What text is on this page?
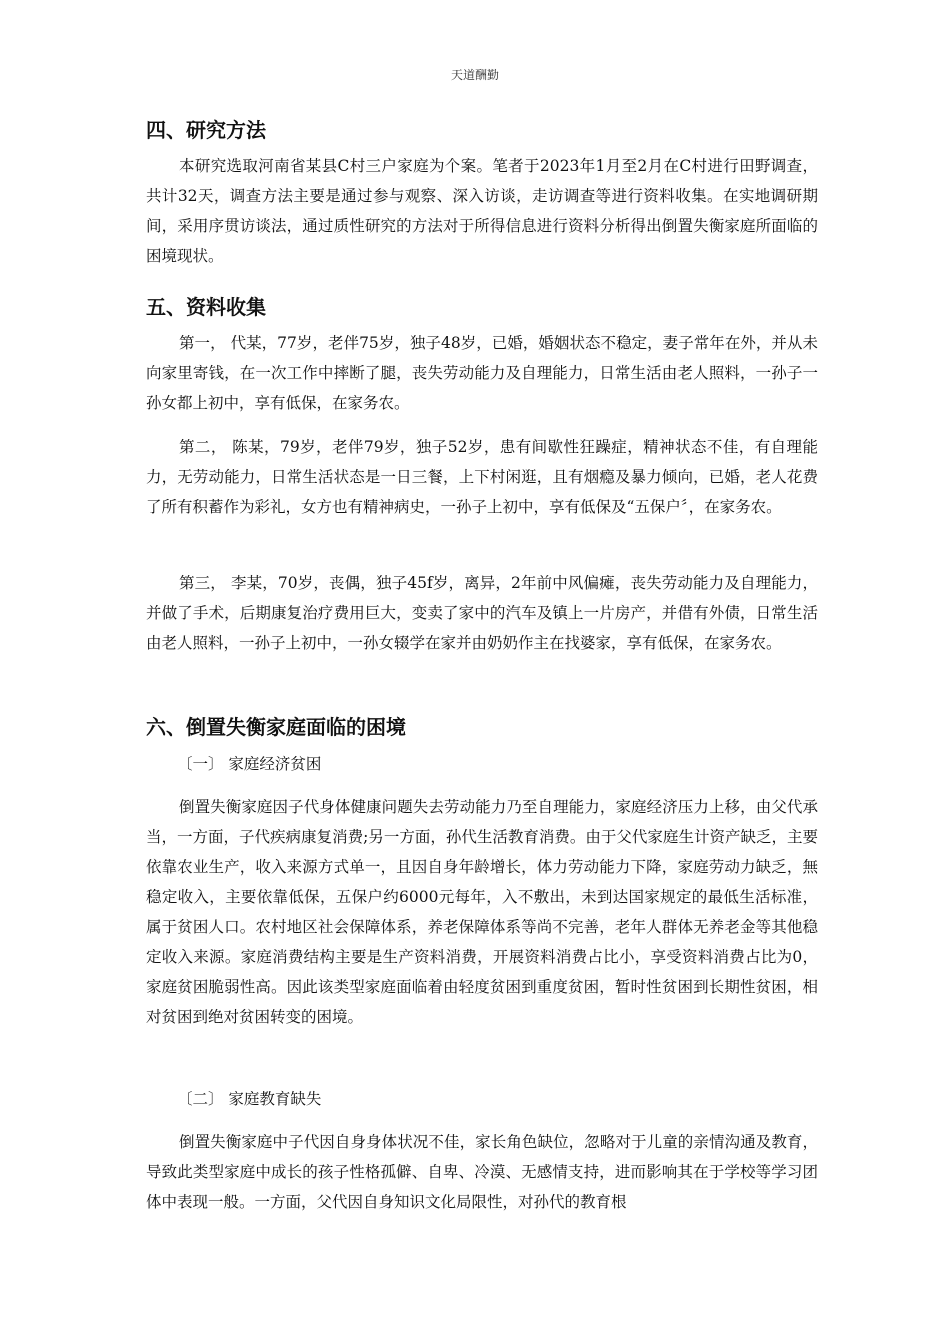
天道酬勤
四、研究方法

本研究选取河南省某县C村三户家庭为个案。笔者于2023年1月至2月在C村进行田野调查，共计32天，调查方法主要是通过参与观察、深入访谈，走访调查等进行资料收集。在实地调研期间，采用序贯访谈法，通过质性研究的方法对于所得信息进行资料分析得出倒置失衡家庭所面临的困境现状。

五、资料收集

第一， 代某，77岁，老伴75岁，独子48岁，已婚，婚姻状态不稳定，妻子常年在外，并从未向家里寄钱，在一次工作中摔断了腿，丧失劳动能力及自理能力，日常生活由老人照料，一孙子一孙女都上初中，享有低保，在家务农。

第二， 陈某，79岁，老伴79岁，独子52岁，患有间歇性狂躁症，精神状态不佳，有自理能力，无劳动能力，日常生活状态是一日三餐，上下村闲逛，且有烟瘾及暴力倾向，已婚，老人花费了所有积蓄作为彩礼，女方也有精神病史，一孙子上初中，享有低保及“五保户〞，在家务农。

第三， 李某，70岁，丧偶，独子45f岁，离异，2年前中风偏瘫，丧失劳动能力及自理能力，并做了手术，后期康复治疗费用巨大，变卖了家中的汽车及镇上一片房产，并借有外债，日常生活由老人照料，一孙子上初中，一孙女辍学在家并由奶奶作主在找婆家，享有低保，在家务农。

六、倒置失衡家庭面临的困境

〔一〕 家庭经济贫困

倒置失衡家庭因子代身体健康问题失去劳动能力乃至自理能力，家庭经济压力上移，由父代承当，一方面，子代疾病康复消费;另一方面，孙代生活教育消费。由于父代家庭生计资产缺乏，主要依靠农业生产，收入来源方式单一，且因自身年龄增长，体力劳动能力下降，家庭劳动力缺乏，無稳定收入，主要依靠低保，五保户约6000元每年，入不敷出，未到达国家规定的最低生活标准，属于贫困人口。农村地区社会保障体系，养老保障体系等尚不完善，老年人群体无养老金等其他稳定收入来源。家庭消费结构主要是生产资料消费，开展资料消费占比小，享受资料消费占比为0，家庭贫困脆弱性高。因此该类型家庭面临着由轻度贫困到重度贫困，暂时性贫困到长期性贫困，相对贫困到绝对贫困转变的困境。

〔二〕 家庭教育缺失

倒置失衡家庭中子代因自身身体状况不佳，家长角色缺位，忽略对于儿童的亲情沟通及教育，导致此类型家庭中成长的孩子性格孤僻、自卑、冷漠、无感情支持，进而影响其在于学校等学习团体中表现一般。一方面，父代因自身知识文化局限性，对孙代的教育根
